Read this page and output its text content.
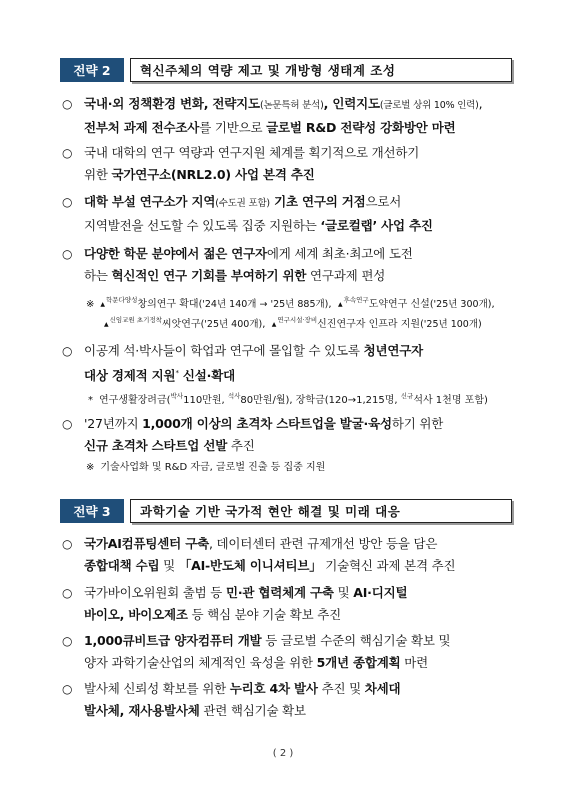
전략 2	혁신주체의 역량 제고 및 개방형 생태계 조성
○ 국내·외 정책환경 변화, 전략지도(논문특허 분석), 인력지도(글로벌 상위 10% 인력),
전부처 과제 전수조사를 기반으로 글로벌 R&D 전략성 강화방안 마련
○ 국내 대학의 연구 역량과 연구지원 체계를 획기적으로 개선하기
위한 국가연구소(NRL2.0) 사업 본격 추진
○ 대학 부설 연구소가 지역(수도권 포함) 기초 연구의 거점으로서
지역발전을 선도할 수 있도록 집중 지원하는 ‘글로컬랩’ 사업 추진
○ 다양한 학문 분야에서 젊은 연구자에게 세계 최초·최고에 도전
하는 혁신적인 연구 기회를 부여하기 위한 연구과제 편성
※ ▲$^{학문다양성}$창의연구 확대('24년 140개 → '25년 885개),  ▲$^{후속연구}$도약연구 신설('25년 300개),
▲$^{신임교원 초기정착}$씨앗연구('25년 400개),  ▲$^{연구시설\cdot 장비}$신진연구자 인프라 지원('25년 100개)
○ 이공계 석·박사들이 학업과 연구에 몰입할 수 있도록 청년연구자
대상 경제적 지원* 신설·확대
* 연구생활장려금($^{박사}$110만원, $^{석사}$80만원/월), 장학금(120→1,215명, $^{신규}$석사 1천명 포함)
○ '27년까지 1,000개 이상의 초격차 스타트업을 발굴·육성하기 위한
신규 초격차 스타트업 선발 추진
※ 기술사업화 및 R&D 자금, 글로벌 진출 등 집중 지원
전략 3	과학기술 기반 국가적 현안 해결 및 미래 대응
○ 국가AI컴퓨팅센터 구축, 데이터센터 관련 규제개선 방안 등을 담은
종합대책 수립 및 「AI-반도체 이니셔티브」 기술혁신 과제 본격 추진
○ 국가바이오위원회 출범 등 민·관 협력체계 구축 및 AI·디지털
바이오, 바이오제조 등 핵심 분야 기술 확보 추진
○ 1,000큐비트급 양자컴퓨터 개발 등 글로벌 수준의 핵심기술 확보 및
양자 과학기술산업의 체계적인 육성을 위한 5개년 종합계획 마련
○ 발사체 신뢰성 확보를 위한 누리호 4차 발사 추진 및 차세대
발사체, 재사용발사체 관련 핵심기술 확보
( 2 )
